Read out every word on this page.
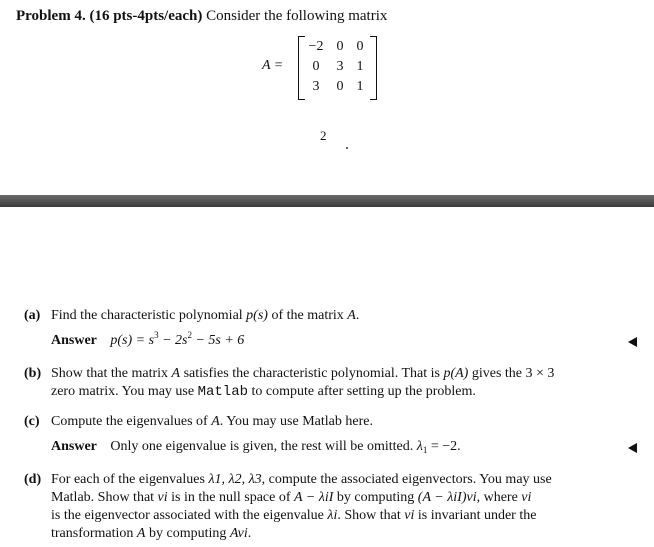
Problem 4. (16 pts-4pts/each) Consider the following matrix
A =
−2 0 0
0	3 1
3	0 1
2
(a) Find the characteristic polynomial p(s) of the matrix A.
Answer $p(s) = s^3 - 2s^2 - 5s + 6$
(b) Show that the matrix A satisfies the characteristic polynomial. That is p(A) gives the 3 × 3
zero matrix. You may use Matlab to compute after setting up the problem.
(c) Compute the eigenvalues of A. You may use Matlab here.
Answer Only one eigenvalue is given, the rest will be omitted. $\lambda_1 = -2$.
(d) For each of the eigenvalues λ1, λ2, λ3, compute the associated eigenvectors. You may use
Matlab. Show that vi is in the null space of A − λiI by computing (A − λiI)vi, where vi
is the eigenvector associated with the eigenvalue λi. Show that vi is invariant under the
transformation A by computing Avi.
